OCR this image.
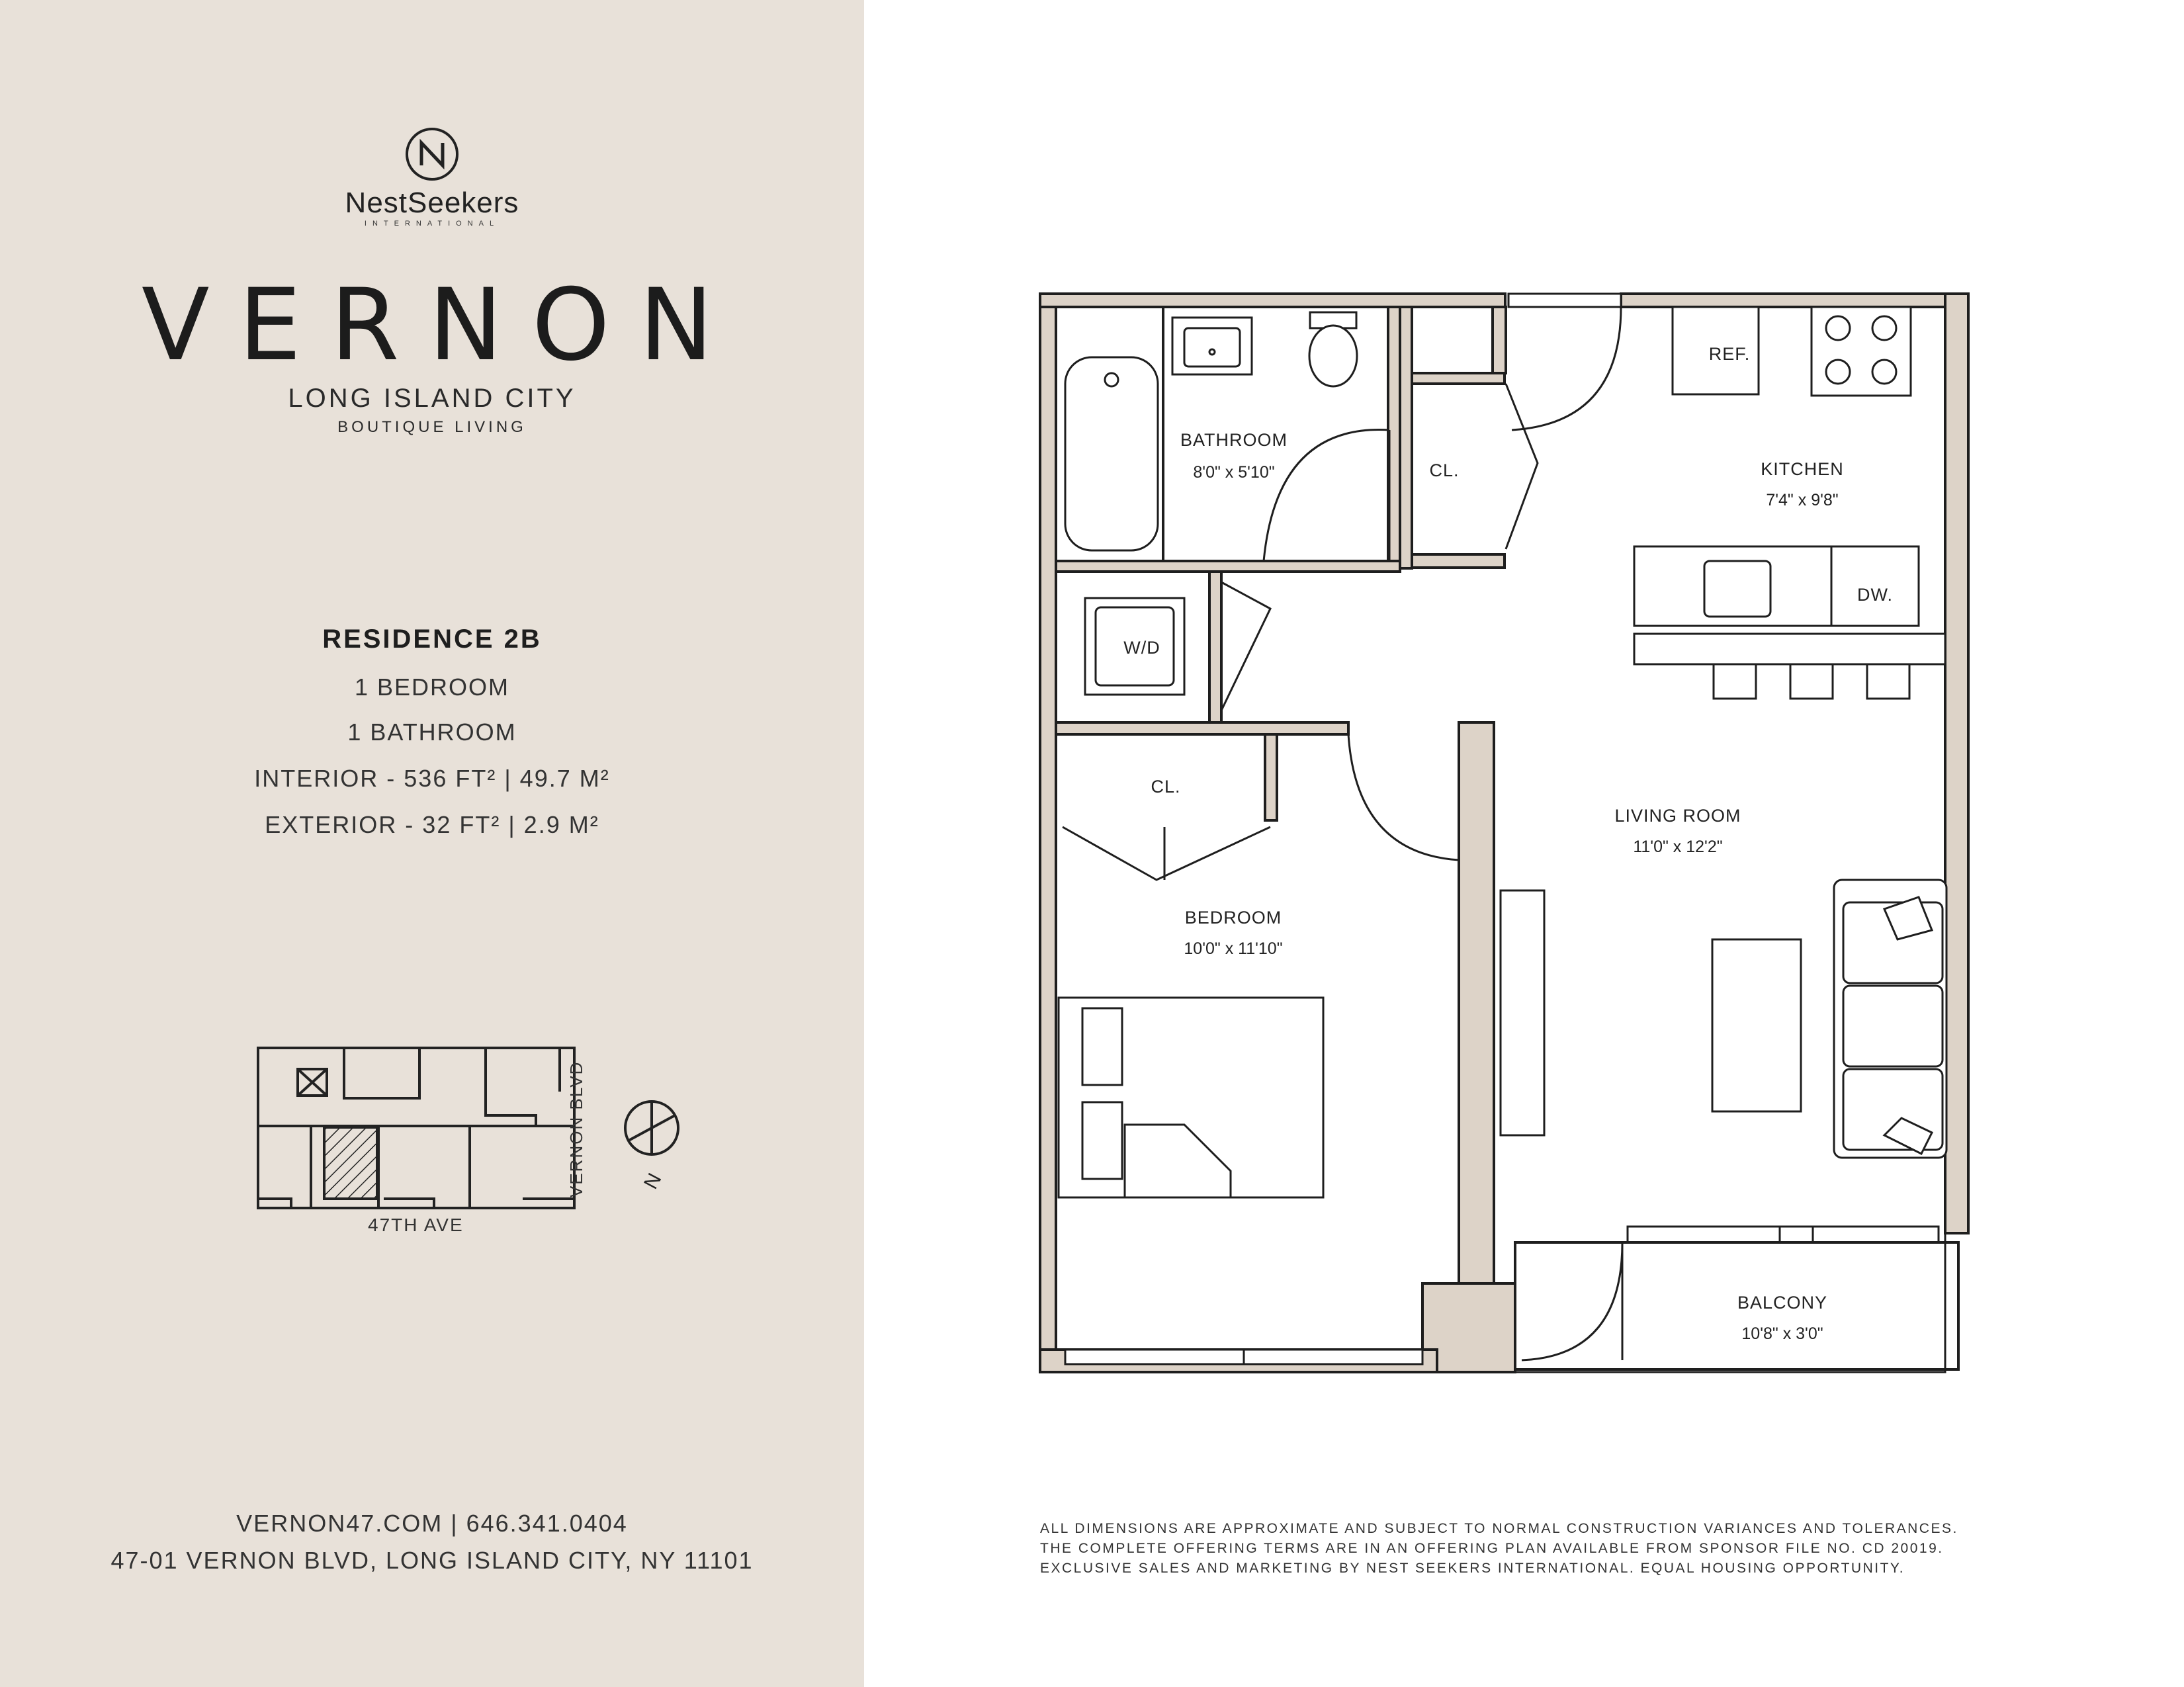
NestSeekers
INTERNATIONAL
VERNON
LONG ISLAND CITY
BOUTIQUE LIVING
RESIDENCE 2B
1 BEDROOM
1 BATHROOM
INTERIOR - 536 FT² | 49.7 M²
EXTERIOR - 32 FT² | 2.9 M²
N
47TH AVE
VERNON BLVD
VERNON47.COM | 646.341.0404
47-01 VERNON BLVD, LONG ISLAND CITY, NY 11101
BATHROOM
8'0" x 5'10"	CL.	KITCHEN
7'4" x 9'8"
REF.
DW.
W/D
CL.
LIVING ROOM
11'0" x 12'2"
BEDROOM
10'0" x 11'10"
BALCONY
10'8" x 3'0"
ALL DIMENSIONS ARE APPROXIMATE AND SUBJECT TO NORMAL CONSTRUCTION VARIANCES AND TOLERANCES.
THE COMPLETE OFFERING TERMS ARE IN AN OFFERING PLAN AVAILABLE FROM SPONSOR FILE NO. CD 20019.
EXCLUSIVE SALES AND MARKETING BY NEST SEEKERS INTERNATIONAL. EQUAL HOUSING OPPORTUNITY.
